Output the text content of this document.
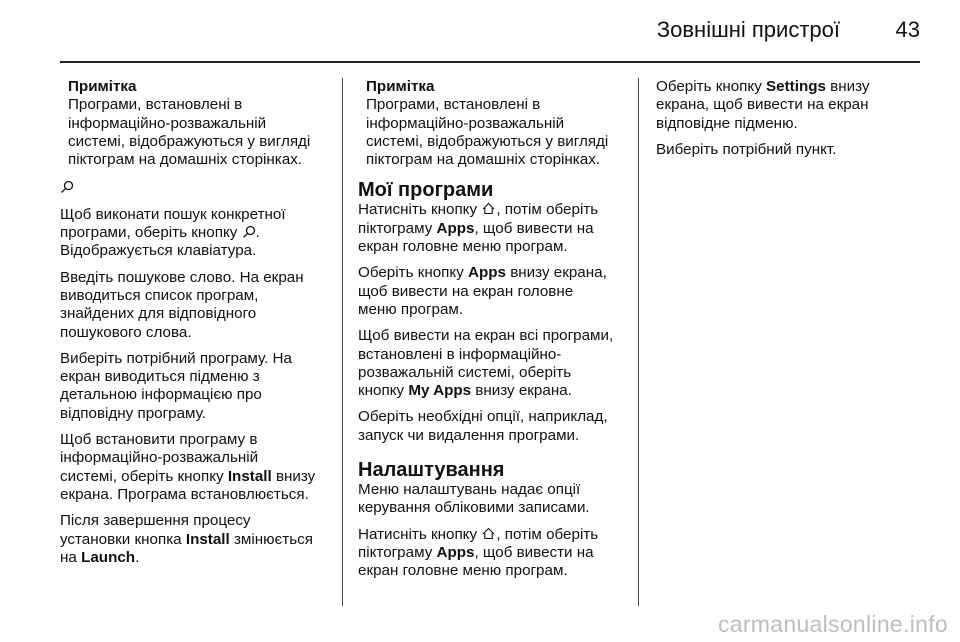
Зовнішні пристрої	43
Примітка
Програми, встановлені в
інформаційно-розважальній
системі, відображуються у вигляді
піктограм на домашніх сторінках.

Щоб виконати пошук конкретної
програми, оберіть кнопку .
Відображується клавіатура.

Введіть пошукове слово. На екран
виводиться список програм,
знайдених для відповідного
пошукового слова.

Виберіть потрібний програму. На
екран виводиться підменю з
детальною інформацією про
відповідну програму.

Щоб встановити програму в
інформаційно-розважальній
системі, оберіть кнопку Install внизу
екрана. Програма встановлюється.

Після завершення процесу
установки кнопка Install змінюється
на Launch.

Примітка
Програми, встановлені в
інформаційно-розважальній
системі, відображуються у вигляді
піктограм на домашніх сторінках.
Мої програми

Натисніть кнопку , потім оберіть
піктограму Apps, щоб вивести на
екран головне меню програм.

Оберіть кнопку Apps внизу екрана,
щоб вивести на екран головне
меню програм.

Щоб вивести на екран всі програми,
встановлені в інформаційно-
розважальній системі, оберіть
кнопку My Apps внизу екрана.

Оберіть необхідні опції, наприклад,
запуск чи видалення програми.

Налаштування

Меню налаштувань надає опції
керування обліковими записами.

Натисніть кнопку , потім оберіть
піктограму Apps, щоб вивести на
екран головне меню програм.

Оберіть кнопку Settings внизу
екрана, щоб вивести на екран
відповідне підменю.

Виберіть потрібний пункт.

carmanualsonline.info
